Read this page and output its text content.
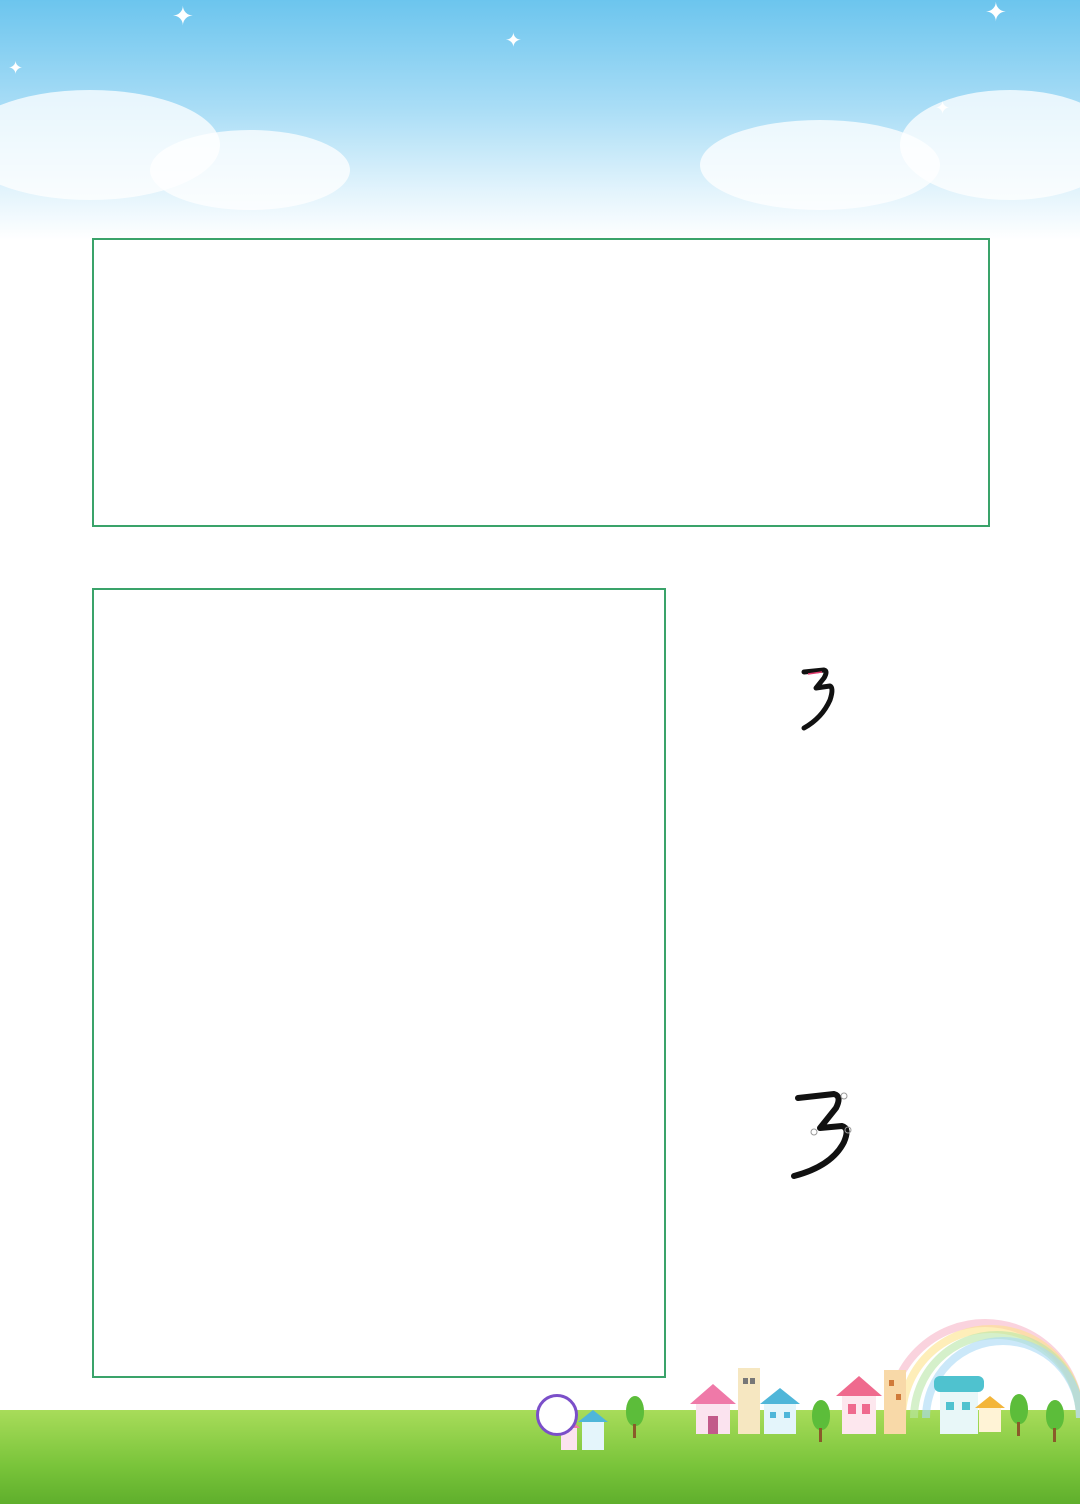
✦
✦
✦
✦
✦
